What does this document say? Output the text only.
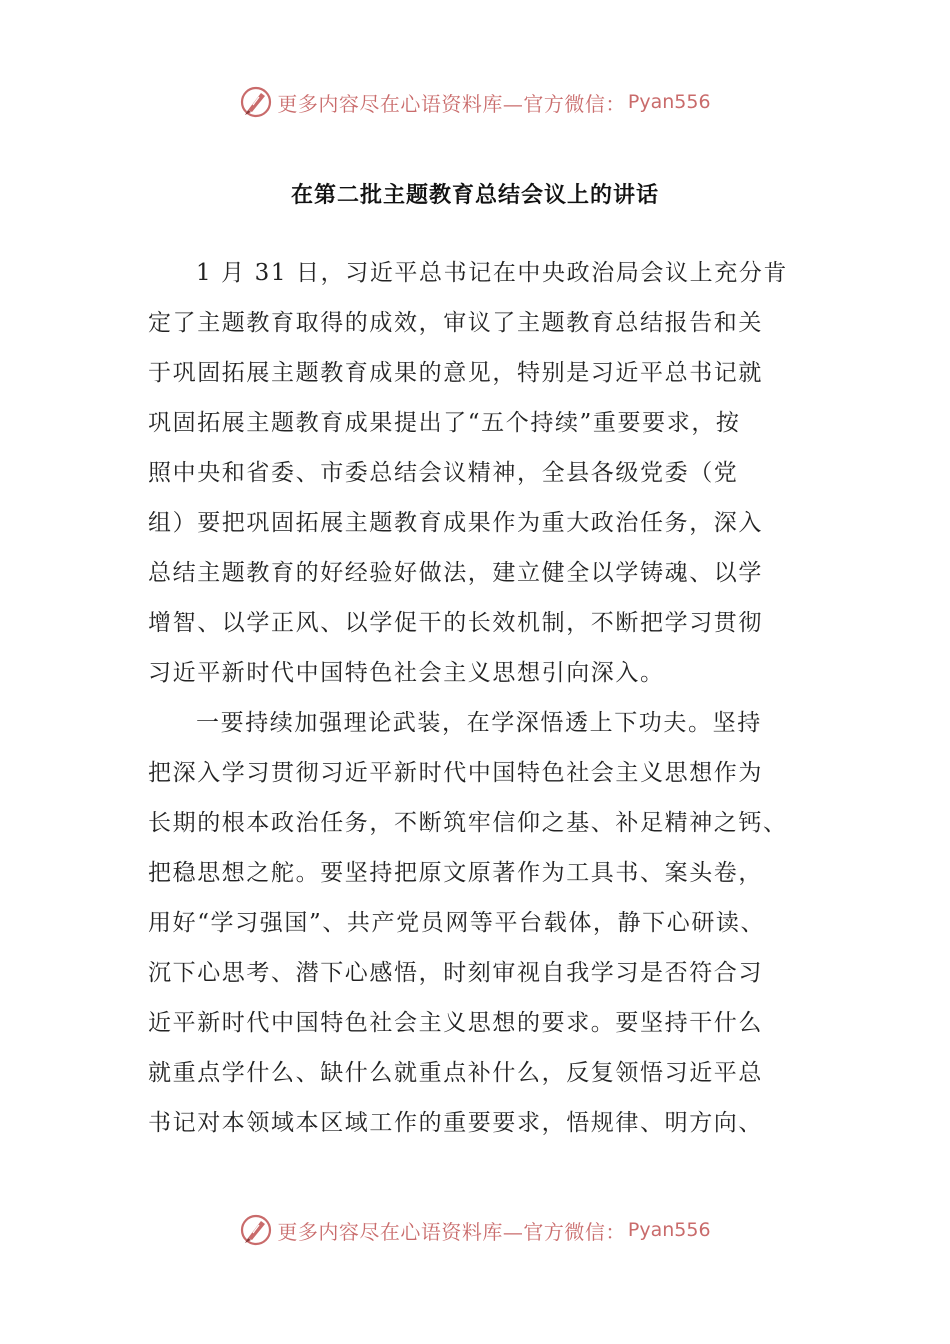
更多内容尽在心语资料库—官方微信： Pyan556
在第二批主题教育总结会议上的讲话
1 月 31 日，习近平总书记在中央政治局会议上充分肯
定了主题教育取得的成效，审议了主题教育总结报告和关
于巩固拓展主题教育成果的意见，特别是习近平总书记就
巩固拓展主题教育成果提出了“五个持续”重要要求，按
照中央和省委、市委总结会议精神，全县各级党委（党
组）要把巩固拓展主题教育成果作为重大政治任务，深入
总结主题教育的好经验好做法，建立健全以学铸魂、以学
增智、以学正风、以学促干的长效机制，不断把学习贯彻
习近平新时代中国特色社会主义思想引向深入。
一要持续加强理论武装，在学深悟透上下功夫。坚持
把深入学习贯彻习近平新时代中国特色社会主义思想作为
长期的根本政治任务，不断筑牢信仰之基、补足精神之钙、
把稳思想之舵。要坚持把原文原著作为工具书、案头卷，
用好“学习强国”、共产党员网等平台载体，静下心研读、
沉下心思考、潜下心感悟，时刻审视自我学习是否符合习
近平新时代中国特色社会主义思想的要求。要坚持干什么
就重点学什么、缺什么就重点补什么，反复领悟习近平总
书记对本领域本区域工作的重要要求，悟规律、明方向、
更多内容尽在心语资料库—官方微信： Pyan556
